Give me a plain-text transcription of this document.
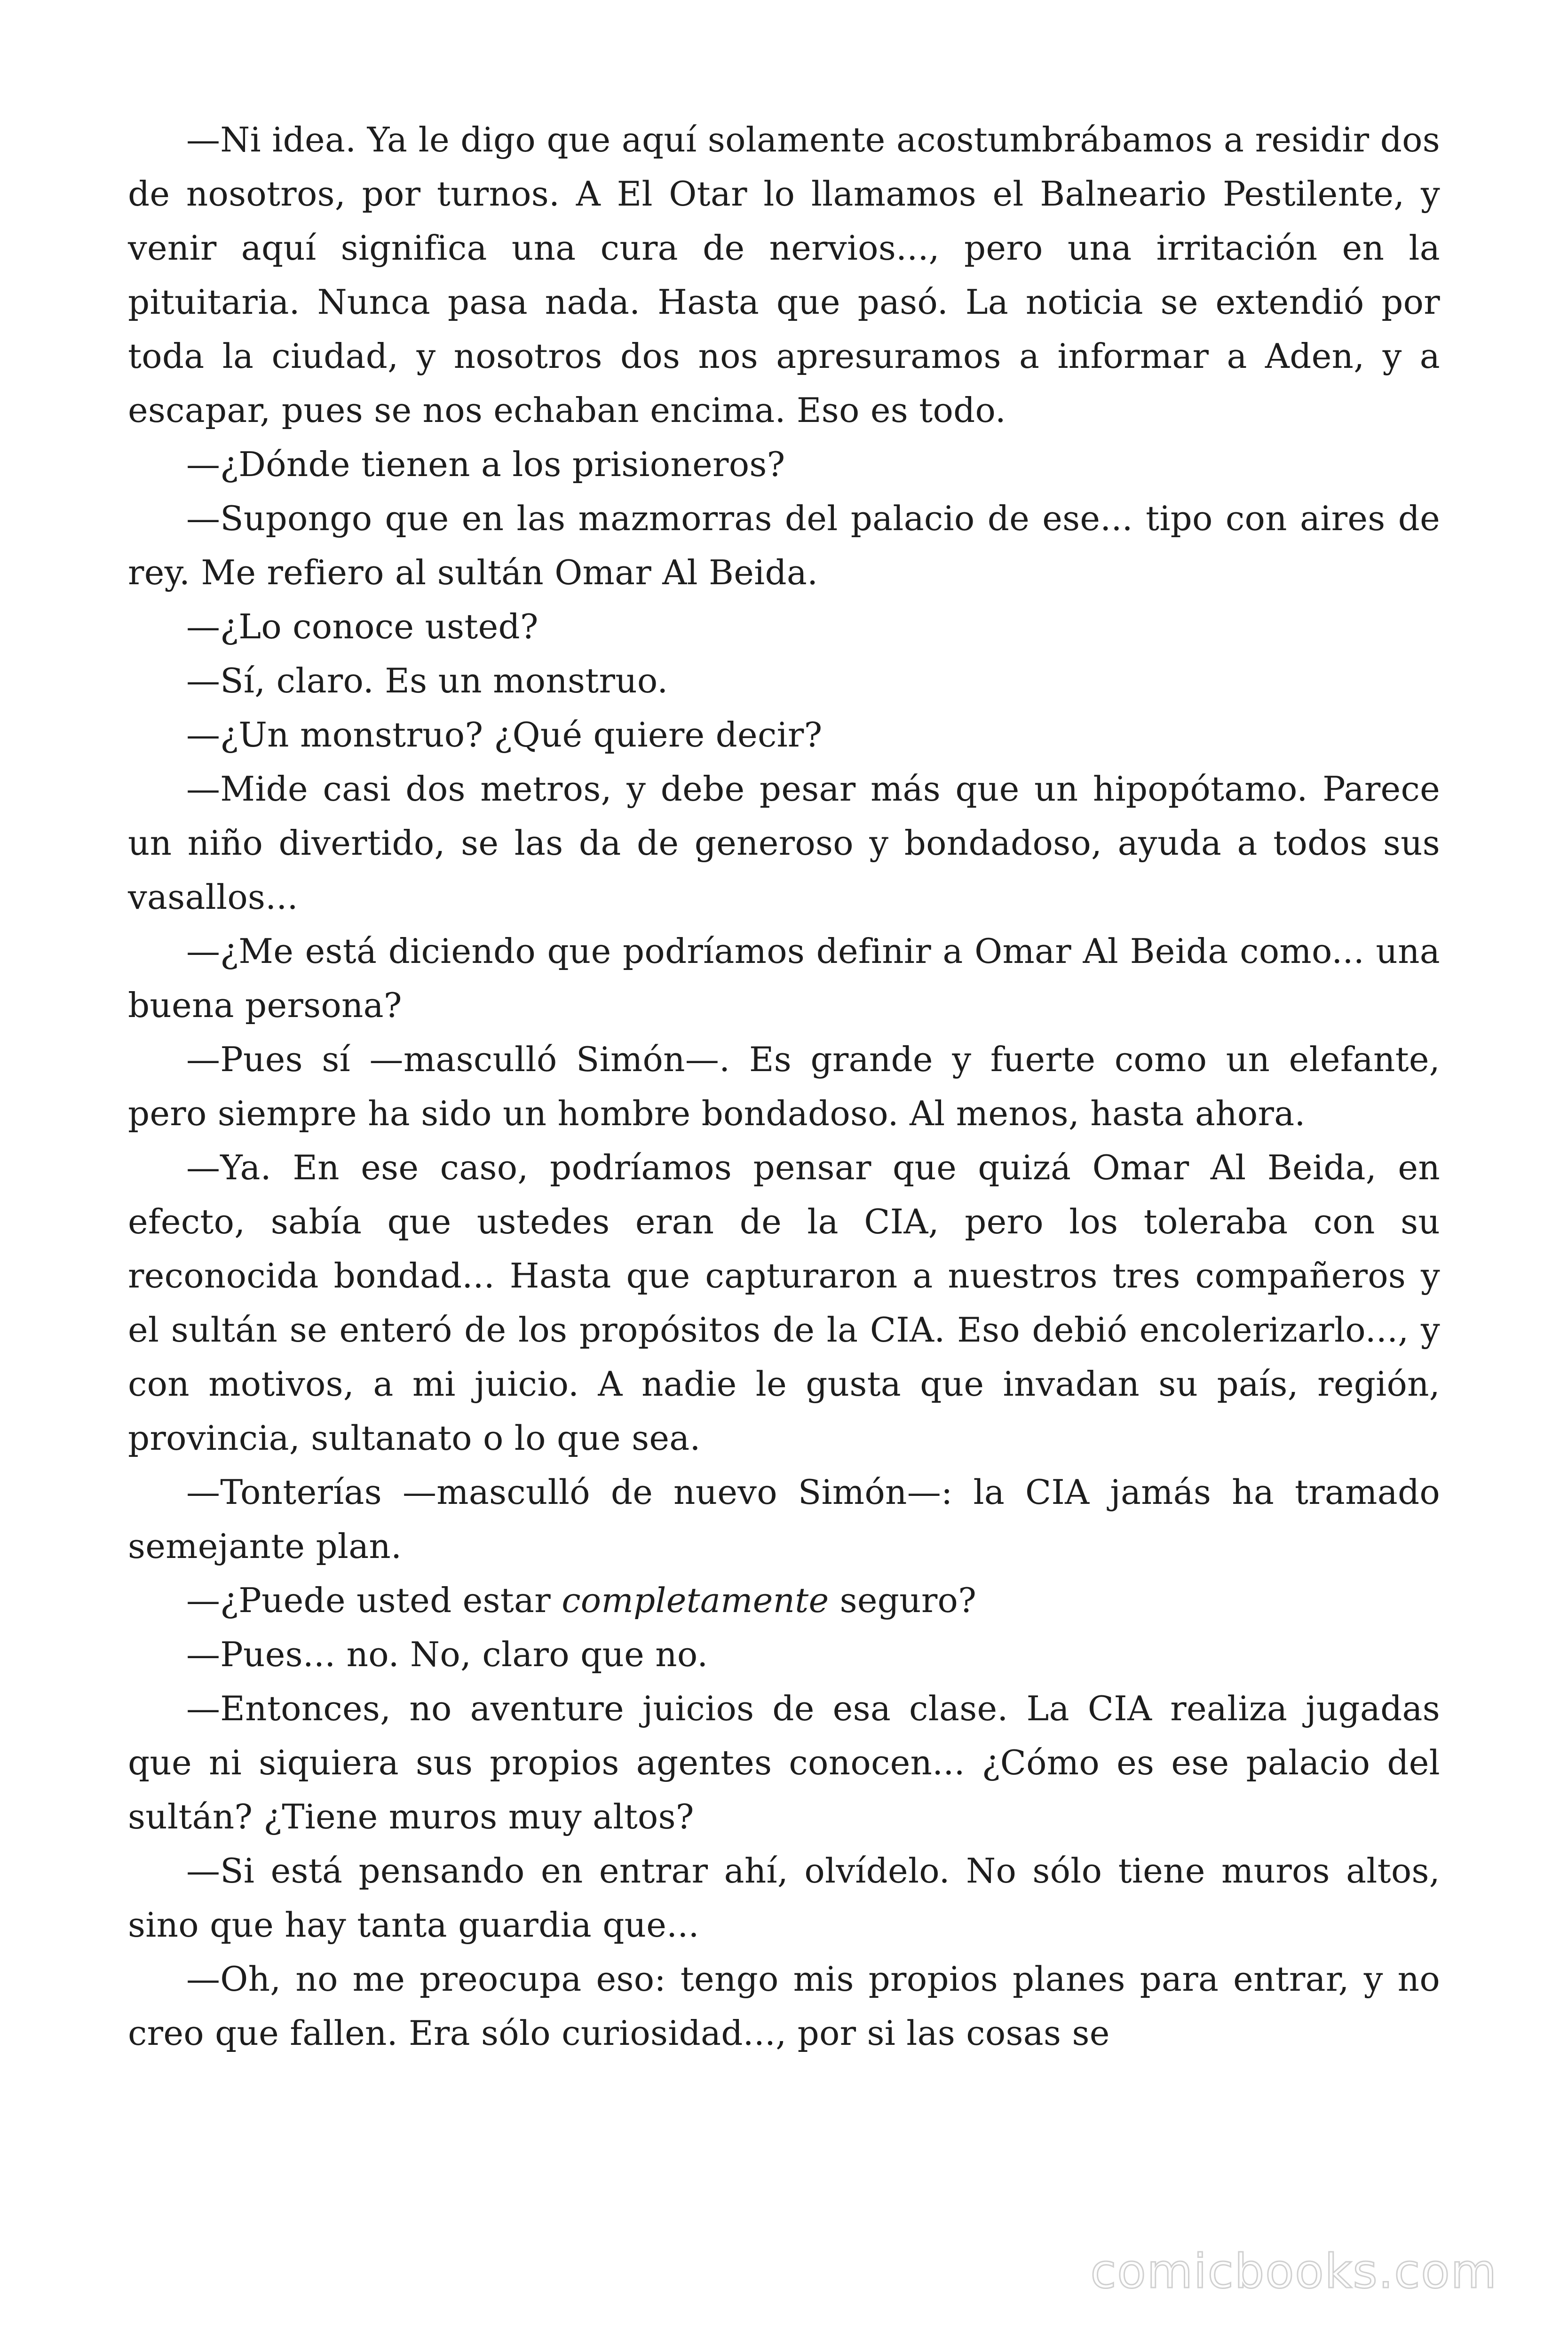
—Ni idea. Ya le digo que aquí solamente acostumbrábamos a residir dos de nosotros, por turnos. A El Otar lo llamamos el Balneario Pestilente, y venir aquí significa una cura de nervios..., pero una irritación en la pituitaria. Nunca pasa nada. Hasta que pasó. La noticia se extendió por toda la ciudad, y nosotros dos nos apresuramos a informar a Aden, y a escapar, pues se nos echaban encima. Eso es todo.

—¿Dónde tienen a los prisioneros?

—Supongo que en las mazmorras del palacio de ese... tipo con aires de rey. Me refiero al sultán Omar Al Beida.

—¿Lo conoce usted?

—Sí, claro. Es un monstruo.

—¿Un monstruo? ¿Qué quiere decir?

—Mide casi dos metros, y debe pesar más que un hipopótamo. Parece un niño divertido, se las da de generoso y bondadoso, ayuda a todos sus vasallos...

—¿Me está diciendo que podríamos definir a Omar Al Beida como... una buena persona?

—Pues sí —masculló Simón—. Es grande y fuerte como un elefante, pero siempre ha sido un hombre bondadoso. Al menos, hasta ahora.

—Ya. En ese caso, podríamos pensar que quizá Omar Al Beida, en efecto, sabía que ustedes eran de la CIA, pero los toleraba con su reconocida bondad... Hasta que capturaron a nuestros tres compañeros y el sultán se enteró de los propósitos de la CIA. Eso debió encolerizarlo..., y con motivos, a mi juicio. A nadie le gusta que invadan su país, región, provincia, sultanato o lo que sea.

—Tonterías —masculló de nuevo Simón—: la CIA jamás ha tramado semejante plan.

—¿Puede usted estar completamente seguro?

—Pues... no. No, claro que no.

—Entonces, no aventure juicios de esa clase. La CIA realiza jugadas que ni siquiera sus propios agentes conocen... ¿Cómo es ese palacio del sultán? ¿Tiene muros muy altos?

—Si está pensando en entrar ahí, olvídelo. No sólo tiene muros altos, sino que hay tanta guardia que...

—Oh, no me preocupa eso: tengo mis propios planes para entrar, y no creo que fallen. Era sólo curiosidad..., por si las cosas se

comicbooks.com
